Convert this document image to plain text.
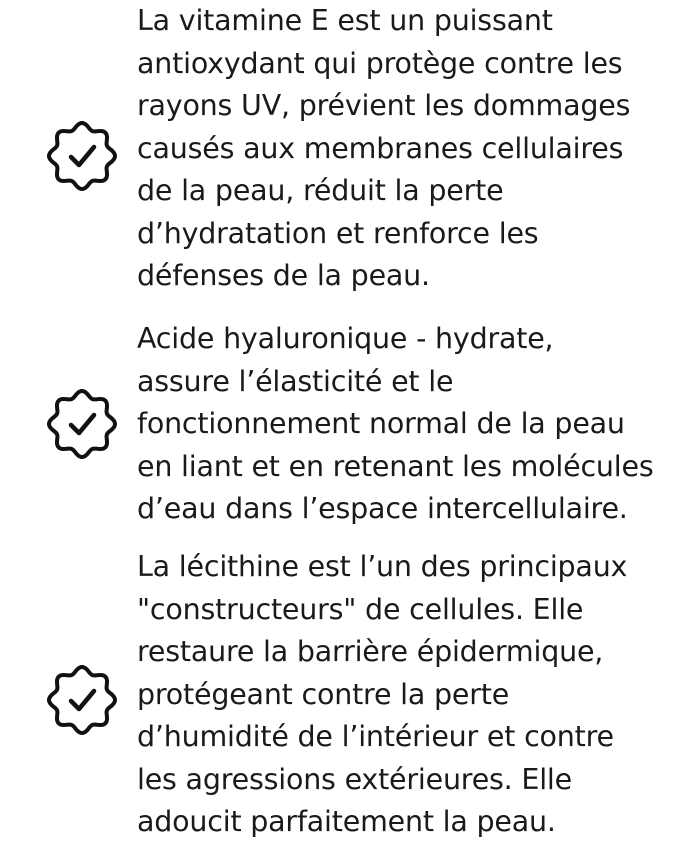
La vitamine E est un puissant
antioxydant qui protège contre les
rayons UV, prévient les dommages
causés aux membranes cellulaires
de la peau, réduit la perte
d’hydratation et renforce les
défenses de la peau.
Acide hyaluronique - hydrate,
assure l’élasticité et le
fonctionnement normal de la peau
en liant et en retenant les molécules
d’eau dans l’espace intercellulaire.
La lécithine est l’un des principaux
"constructeurs" de cellules. Elle
restaure la barrière épidermique,
protégeant contre la perte
d’humidité de l’intérieur et contre
les agressions extérieures. Elle
adoucit parfaitement la peau.
